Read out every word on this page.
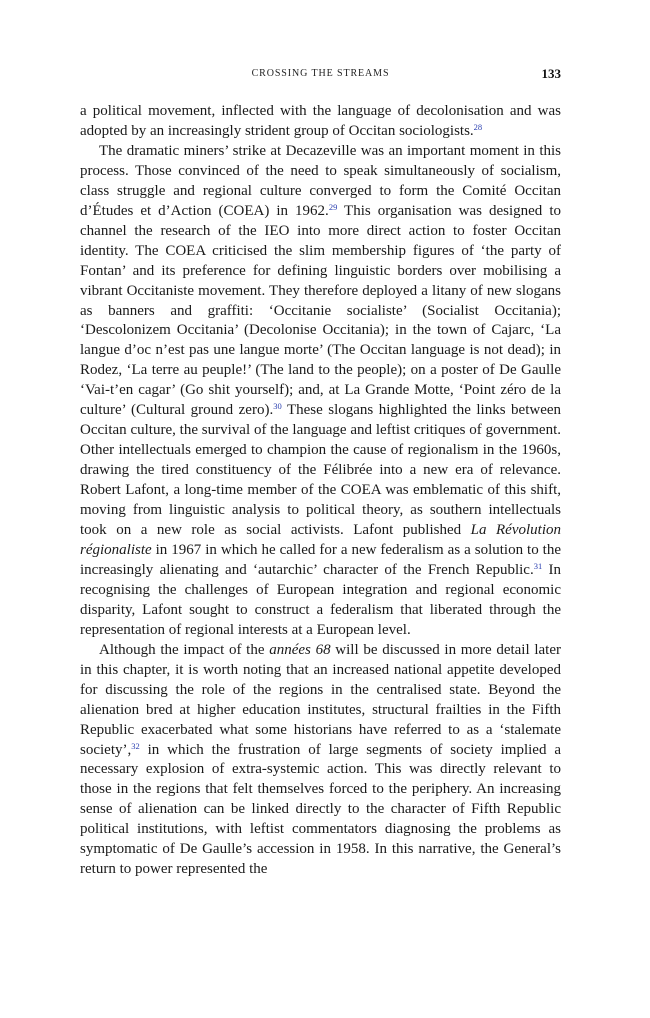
CROSSING THE STREAMS	133

a political movement, inflected with the language of decolonisation and was adopted by an increasingly strident group of Occitan sociologists.$^{28}$

The dramatic miners’ strike at Decazeville was an important moment in this process. Those convinced of the need to speak simultaneously of socialism, class struggle and regional culture converged to form the Comité Occitan d’Études et d’Action (COEA) in 1962.29 This organisation was designed to channel the research of the IEO into more direct action to foster Occitan identity. The COEA criticised the slim membership figures of ‘the party of Fontan’ and its preference for defining linguistic borders over mobilising a vibrant Occitaniste movement. They therefore deployed a litany of new slogans as banners and graffiti: ‘Occitanie socialiste’ (Socialist Occitania); ‘Descolonizem Occitania’ (Decolonise Occitania); in the town of Cajarc, ‘La langue d’oc n’est pas une langue morte’ (The Occitan language is not dead); in Rodez, ‘La terre au peuple!’ (The land to the people); on a poster of De Gaulle ‘Vai-t’en cagar’ (Go shit yourself); and, at La Grande Motte, ‘Point zéro de la culture’ (Cultural ground zero).$^{30}$ These slogans highlighted the links between Occitan culture, the survival of the language and leftist critiques of government. Other intellectuals emerged to champion the cause of regionalism in the 1960s, drawing the tired constituency of the Félibrée into a new era of relevance. Robert Lafont, a long-time member of the COEA was emblematic of this shift, moving from linguistic analysis to political theory, as southern intellectuals took on a new role as social activists. Lafont published La Révolution régionaliste in 1967 in which he called for a new federalism as a solution to the increasingly alienating and ‘autarchic’ character of the French Republic.$^{31}$ In recognising the challenges of European integration and regional economic disparity, Lafont sought to construct a federalism that liberated through the representation of regional interests at a European level.

Although the impact of the années 68 will be discussed in more detail later in this chapter, it is worth noting that an increased national appetite developed for discussing the role of the regions in the centralised state. Beyond the alienation bred at higher education institutes, structural frailties in the Fifth Republic exacerbated what some historians have referred to as a ‘stalemate society’,$^{32}$ in which the frustration of large segments of society implied a necessary explosion of extra-systemic action. This was directly relevant to those in the regions that felt themselves forced to the periphery. An increasing sense of alienation can be linked directly to the character of Fifth Republic political institutions, with leftist commentators diagnosing the problems as symptomatic of De Gaulle’s accession in 1958. In this narrative, the General’s return to power represented the
